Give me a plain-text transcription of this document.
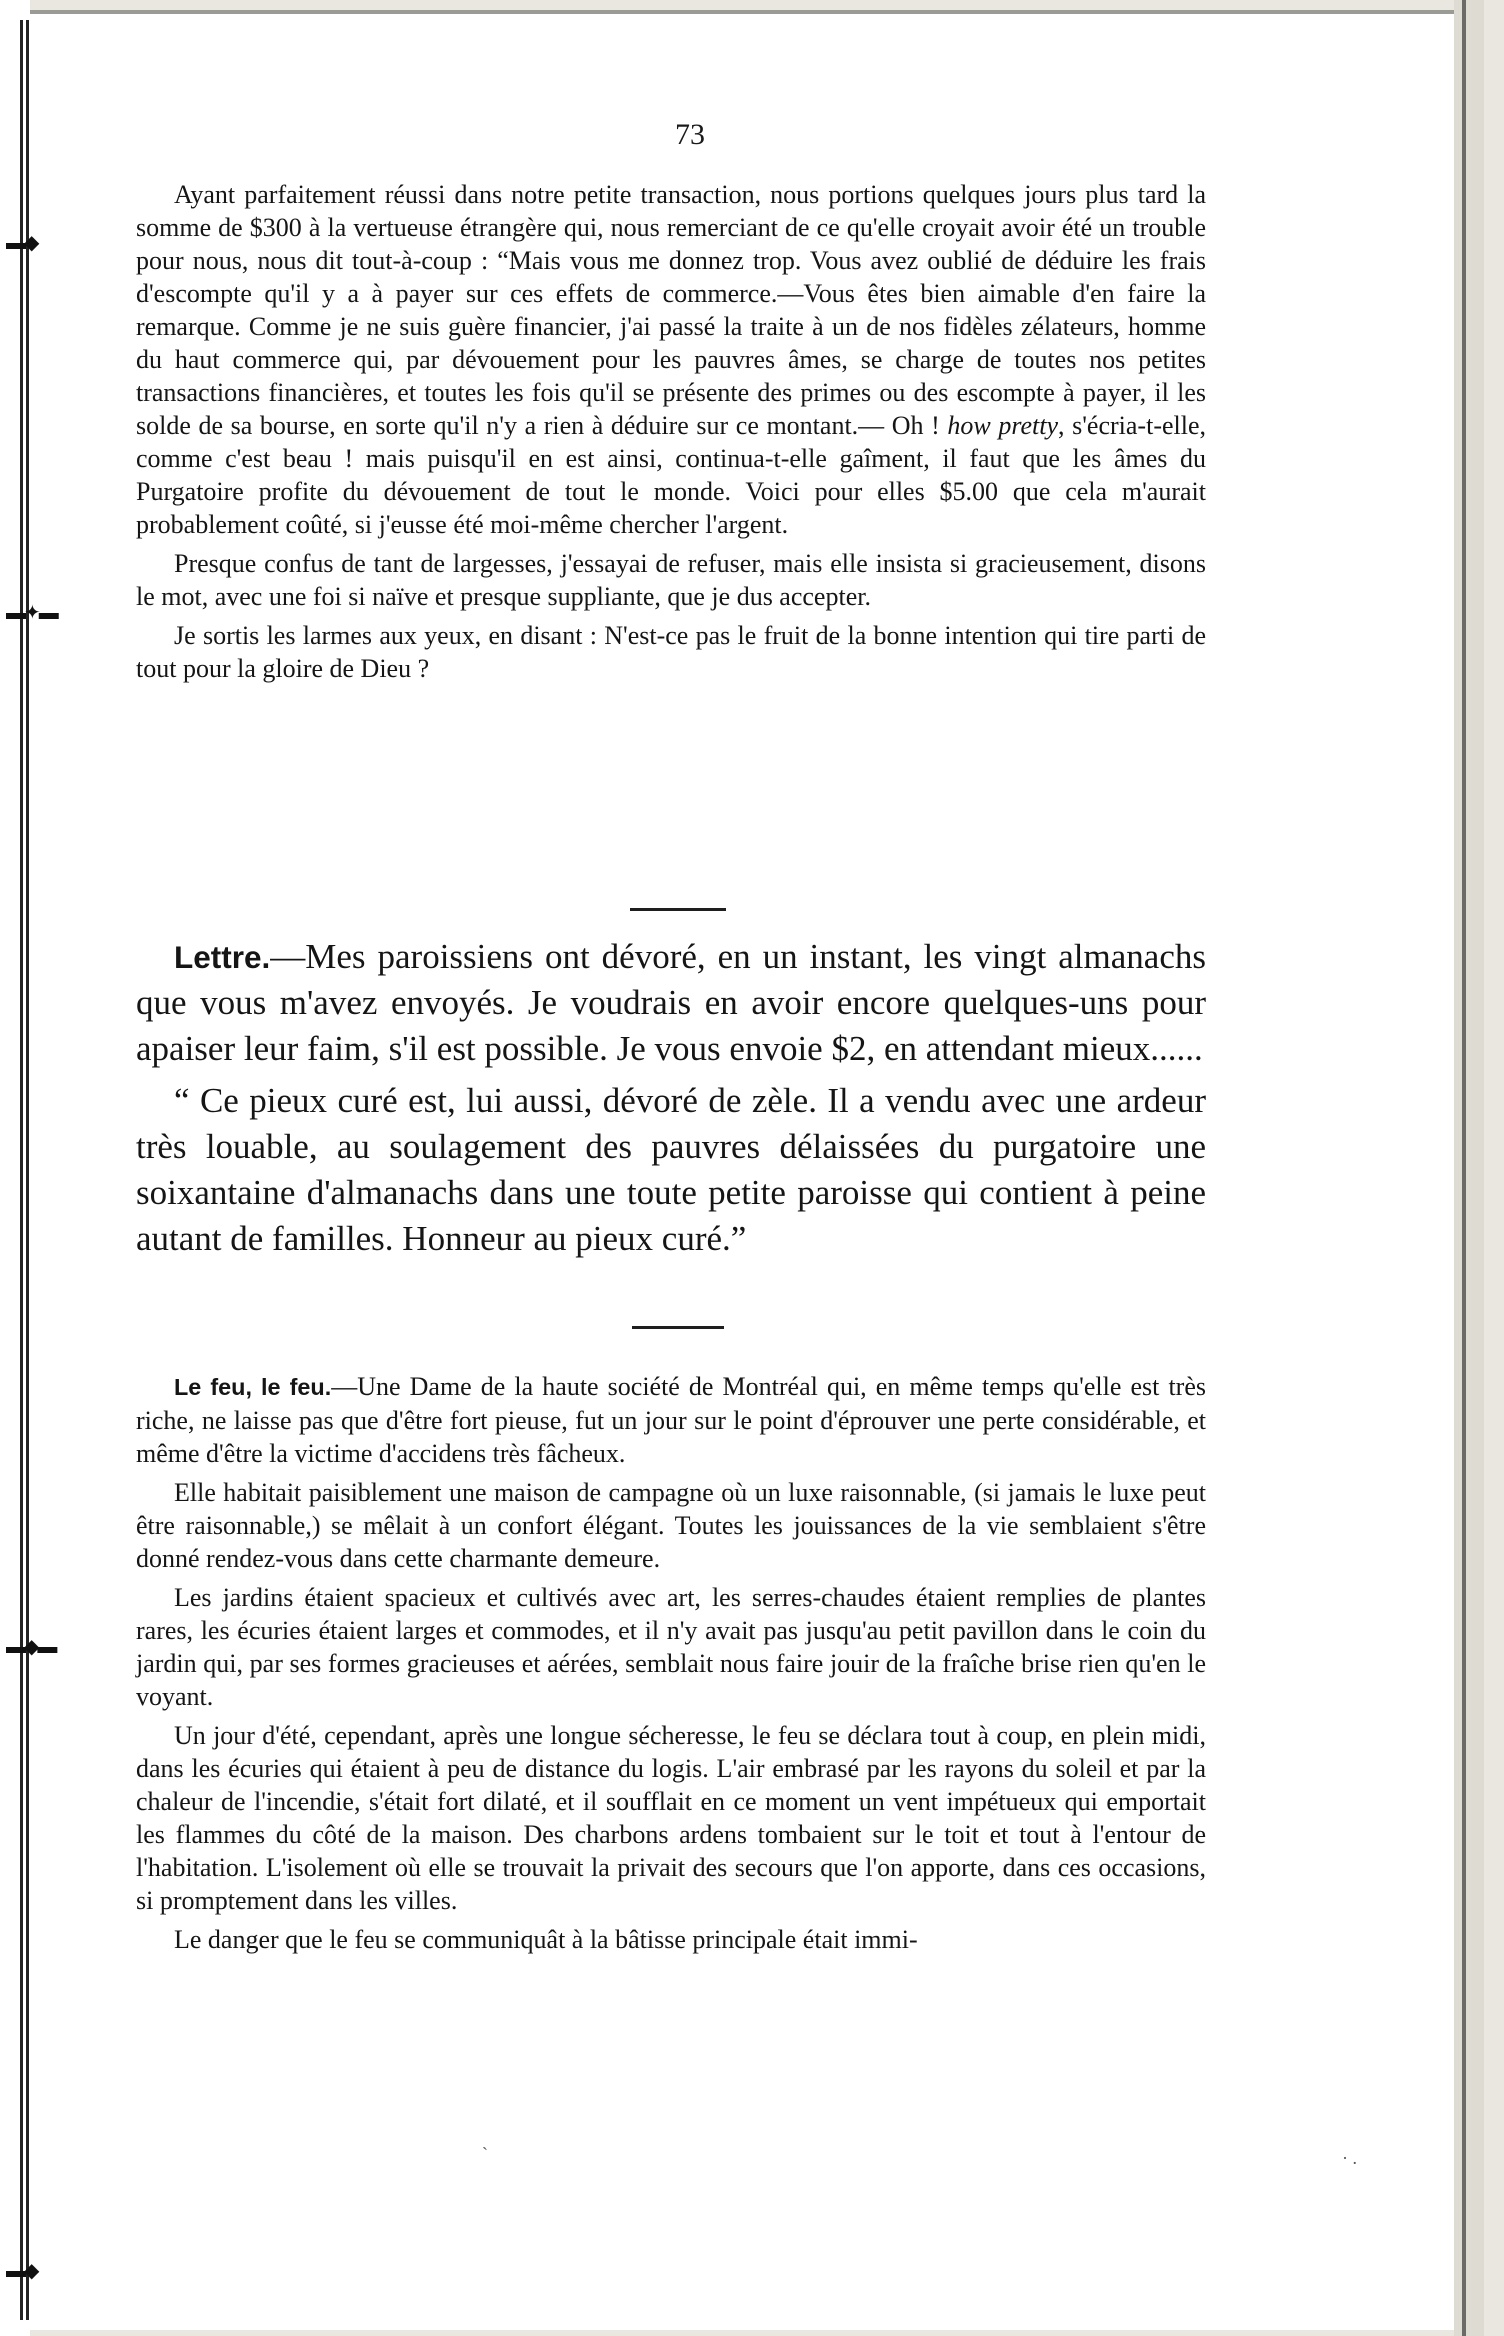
▬◆
▬✦▬
▬◆▬
▬◆
73

Ayant parfaitement réussi dans notre petite transaction, nous portions quelques jours plus tard la somme de $300 à la vertueuse étrangère qui, nous remerciant de ce qu'elle croyait avoir été un trouble pour nous, nous dit tout-à-coup : “Mais vous me donnez trop. Vous avez oublié de déduire les frais d'escompte qu'il y a à payer sur ces effets de commerce.—Vous êtes bien aimable d'en faire la remarque. Comme je ne suis guère financier, j'ai passé la traite à un de nos fidèles zélateurs, homme du haut commerce qui, par dévouement pour les pauvres âmes, se charge de toutes nos petites transactions financières, et toutes les fois qu'il se présente des primes ou des escompte à payer, il les solde de sa bourse, en sorte qu'il n'y a rien à déduire sur ce montant.— Oh ! how pretty, s'écria-t-elle, comme c'est beau ! mais puisqu'il en est ainsi, continua-t-elle gaîment, il faut que les âmes du Purgatoire profite du dévouement de tout le monde. Voici pour elles $5.00 que cela m'aurait probablement coûté, si j'eusse été moi-même chercher l'argent.

Presque confus de tant de largesses, j'essayai de refuser, mais elle insista si gracieusement, disons le mot, avec une foi si naïve et presque suppliante, que je dus accepter.

Je sortis les larmes aux yeux, en disant : N'est-ce pas le fruit de la bonne intention qui tire parti de tout pour la gloire de Dieu ?

Lettre.—Mes paroissiens ont dévoré, en un instant, les vingt almanachs que vous m'avez envoyés. Je voudrais en avoir encore quelques-uns pour apaiser leur faim, s'il est possible. Je vous envoie $2, en attendant mieux......

“ Ce pieux curé est, lui aussi, dévoré de zèle. Il a vendu avec une ardeur très louable, au soulagement des pauvres délaissées du purgatoire une soixantaine d'almanachs dans une toute petite paroisse qui contient à peine autant de familles. Honneur au pieux curé.”

Le feu, le feu.—Une Dame de la haute société de Montréal qui, en même temps qu'elle est très riche, ne laisse pas que d'être fort pieuse, fut un jour sur le point d'éprouver une perte considérable, et même d'être la victime d'accidens très fâcheux.

Elle habitait paisiblement une maison de campagne où un luxe raisonnable, (si jamais le luxe peut être raisonnable,) se mêlait à un confort élégant. Toutes les jouissances de la vie semblaient s'être donné rendez-vous dans cette charmante demeure.

Les jardins étaient spacieux et cultivés avec art, les serres-chaudes étaient remplies de plantes rares, les écuries étaient larges et commodes, et il n'y avait pas jusqu'au petit pavillon dans le coin du jardin qui, par ses formes gracieuses et aérées, semblait nous faire jouir de la fraîche brise rien qu'en le voyant.

Un jour d'été, cependant, après une longue sécheresse, le feu se déclara tout à coup, en plein midi, dans les écuries qui étaient à peu de distance du logis. L'air embrasé par les rayons du soleil et par la chaleur de l'incendie, s'était fort dilaté, et il soufflait en ce moment un vent impétueux qui emportait les flammes du côté de la maison. Des charbons ardens tombaient sur le toit et tout à l'entour de l'habitation. L'isolement où elle se trouvait la privait des secours que l'on apporte, dans ces occasions, si promptement dans les villes.

Le danger que le feu se communiquât à la bâtisse principale était immi-

· .
ˏ
